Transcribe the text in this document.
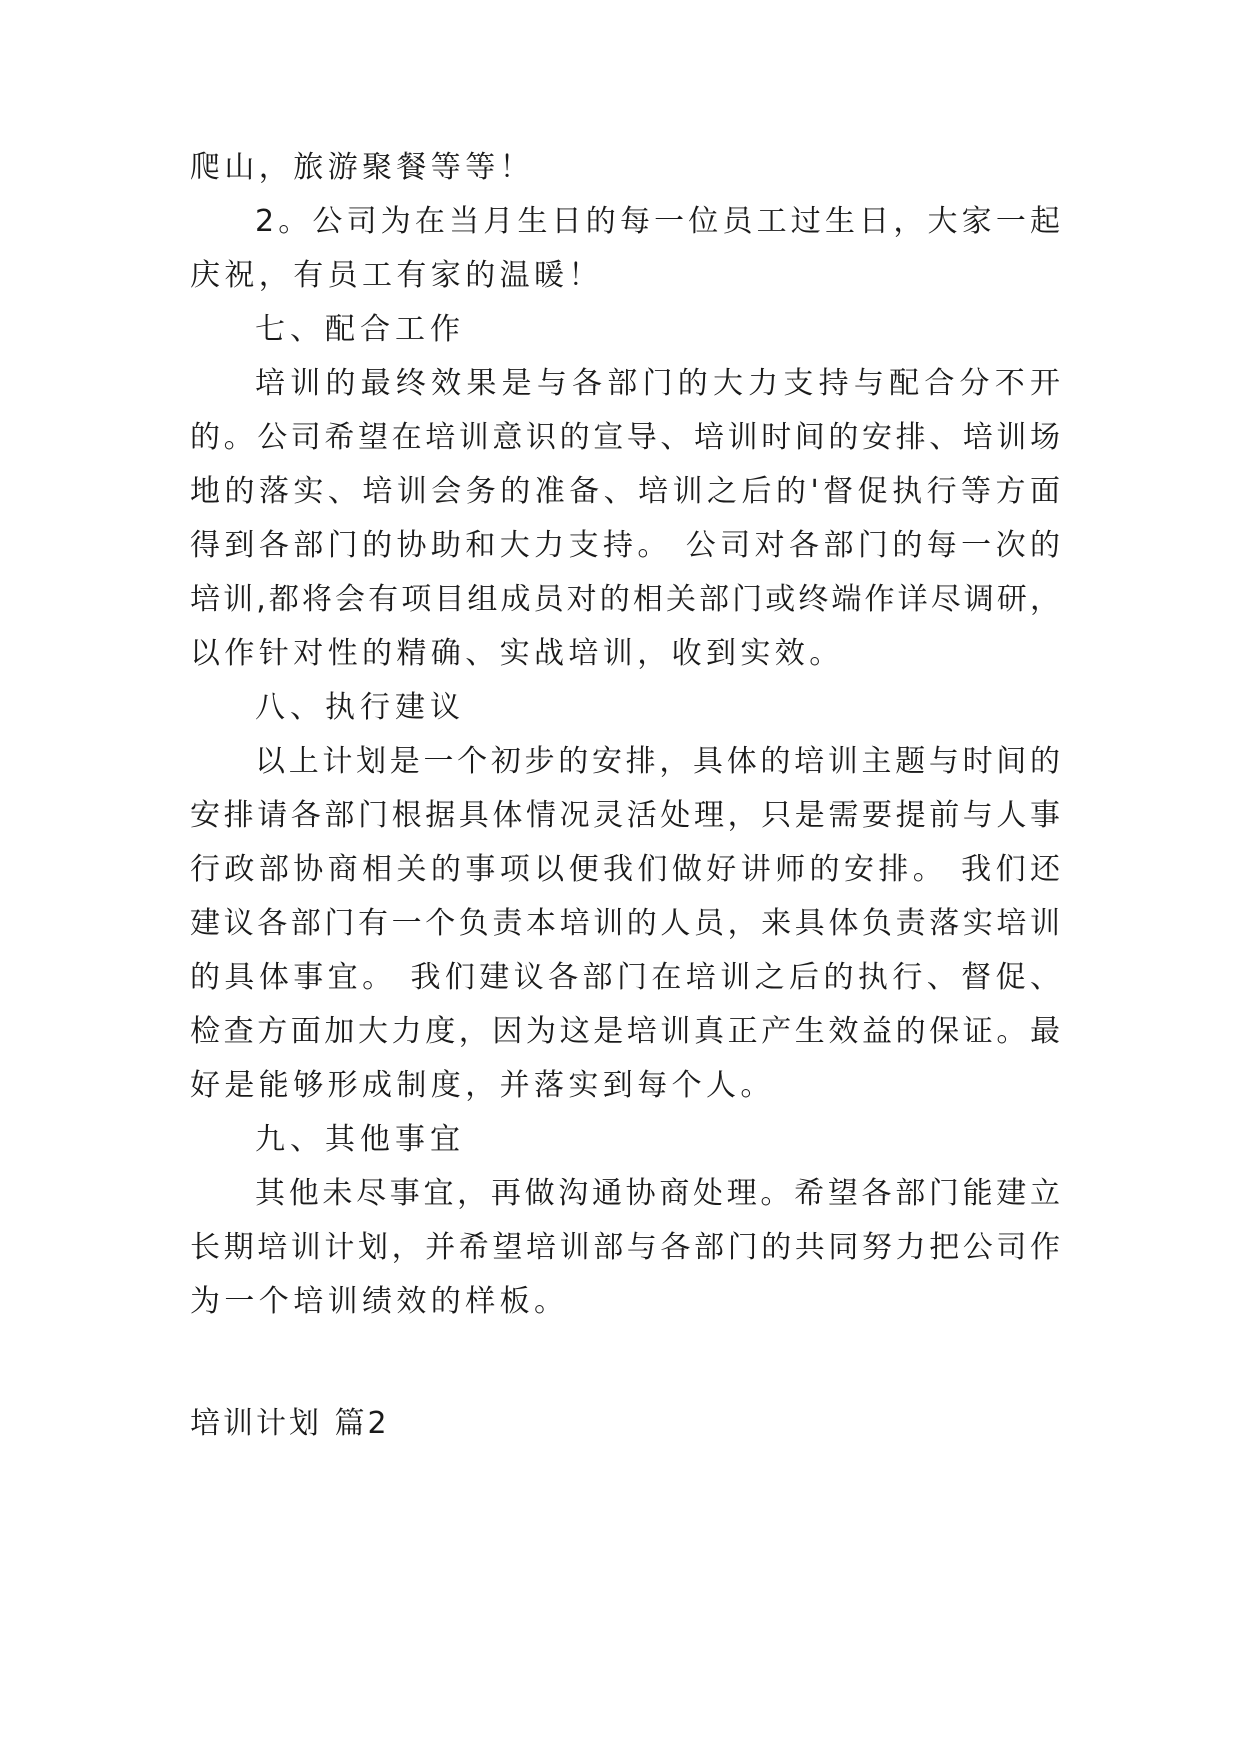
爬山，旅游聚餐等等！
2。公司为在当月生日的每一位员工过生日，大家一起
庆祝，有员工有家的温暖！
七、配合工作
培训的最终效果是与各部门的大力支持与配合分不开
的。公司希望在培训意识的宣导、培训时间的安排、培训场
地的落实、培训会务的准备、培训之后的'督促执行等方面
得到各部门的协助和大力支持。 公司对各部门的每一次的
培训,都将会有项目组成员对的相关部门或终端作详尽调研，
以作针对性的精确、实战培训，收到实效。
八、执行建议
以上计划是一个初步的安排，具体的培训主题与时间的
安排请各部门根据具体情况灵活处理，只是需要提前与人事
行政部协商相关的事项以便我们做好讲师的安排。 我们还
建议各部门有一个负责本培训的人员，来具体负责落实培训
的具体事宜。 我们建议各部门在培训之后的执行、督促、
检查方面加大力度，因为这是培训真正产生效益的保证。最
好是能够形成制度，并落实到每个人。
九、其他事宜
其他未尽事宜，再做沟通协商处理。希望各部门能建立
长期培训计划，并希望培训部与各部门的共同努力把公司作
为一个培训绩效的样板。
培训计划 篇2
